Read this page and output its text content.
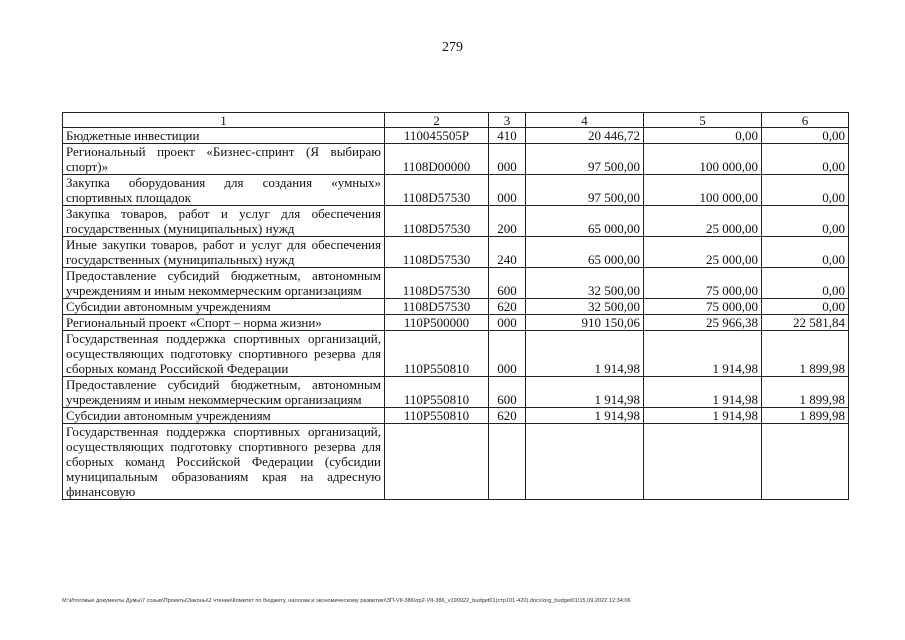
279
1	2	3	4	5	6
Бюджетные инвестиции	110045505Р	410	20 446,72	0,00	0,00
Региональный проект «Бизнес-спринт (Я выбираю спорт)»	1108D00000	000	97 500,00	100 000,00	0,00
Закупка оборудования для создания «умных» спортивных площадок	1108D57530	000	97 500,00	100 000,00	0,00
Закупка товаров, работ и услуг для обеспечения государственных (муниципальных) нужд	1108D57530	200	65 000,00	25 000,00	0,00
Иные закупки товаров, работ и услуг для обеспечения государственных (муниципальных) нужд	1108D57530	240	65 000,00	25 000,00	0,00
Предоставление субсидий бюджетным, автономным учреждениям и иным некоммерческим организациям	1108D57530	600	32 500,00	75 000,00	0,00
Субсидии автономным учреждениям	1108D57530	620	32 500,00	75 000,00	0,00
Региональный проект «Спорт – норма жизни»	110P500000	000	910 150,06	25 966,38	22 581,84
Государственная поддержка спортивных организаций, осуществляющих подготовку спортивного резерва для сборных команд Российской Федерации	110P550810	000	1 914,98	1 914,98	1 899,98
Предоставление субсидий бюджетным, автономным учреждениям и иным некоммерческим организациям	110P550810	600	1 914,98	1 914,98	1 899,98
Субсидии автономным учреждениям	110P550810	620	1 914,98	1 914,98	1 899,98
Государственная поддержка спортивных организаций, осуществляющих подготовку спортивного резерва для сборных команд Российской Федерации (субсидии муниципальным образованиям края на адресную финансовую					
M:\Итоговые документы Думы\7 созыв\Проекты\Законы\2 чтение\Комитет по бюджету, налогам и экономическому развитию\ЗП-VII-386\пр2-VII-386_v190922_budget01(стр101-420).docx\org_budget01\15.09.2022 12:34:06
